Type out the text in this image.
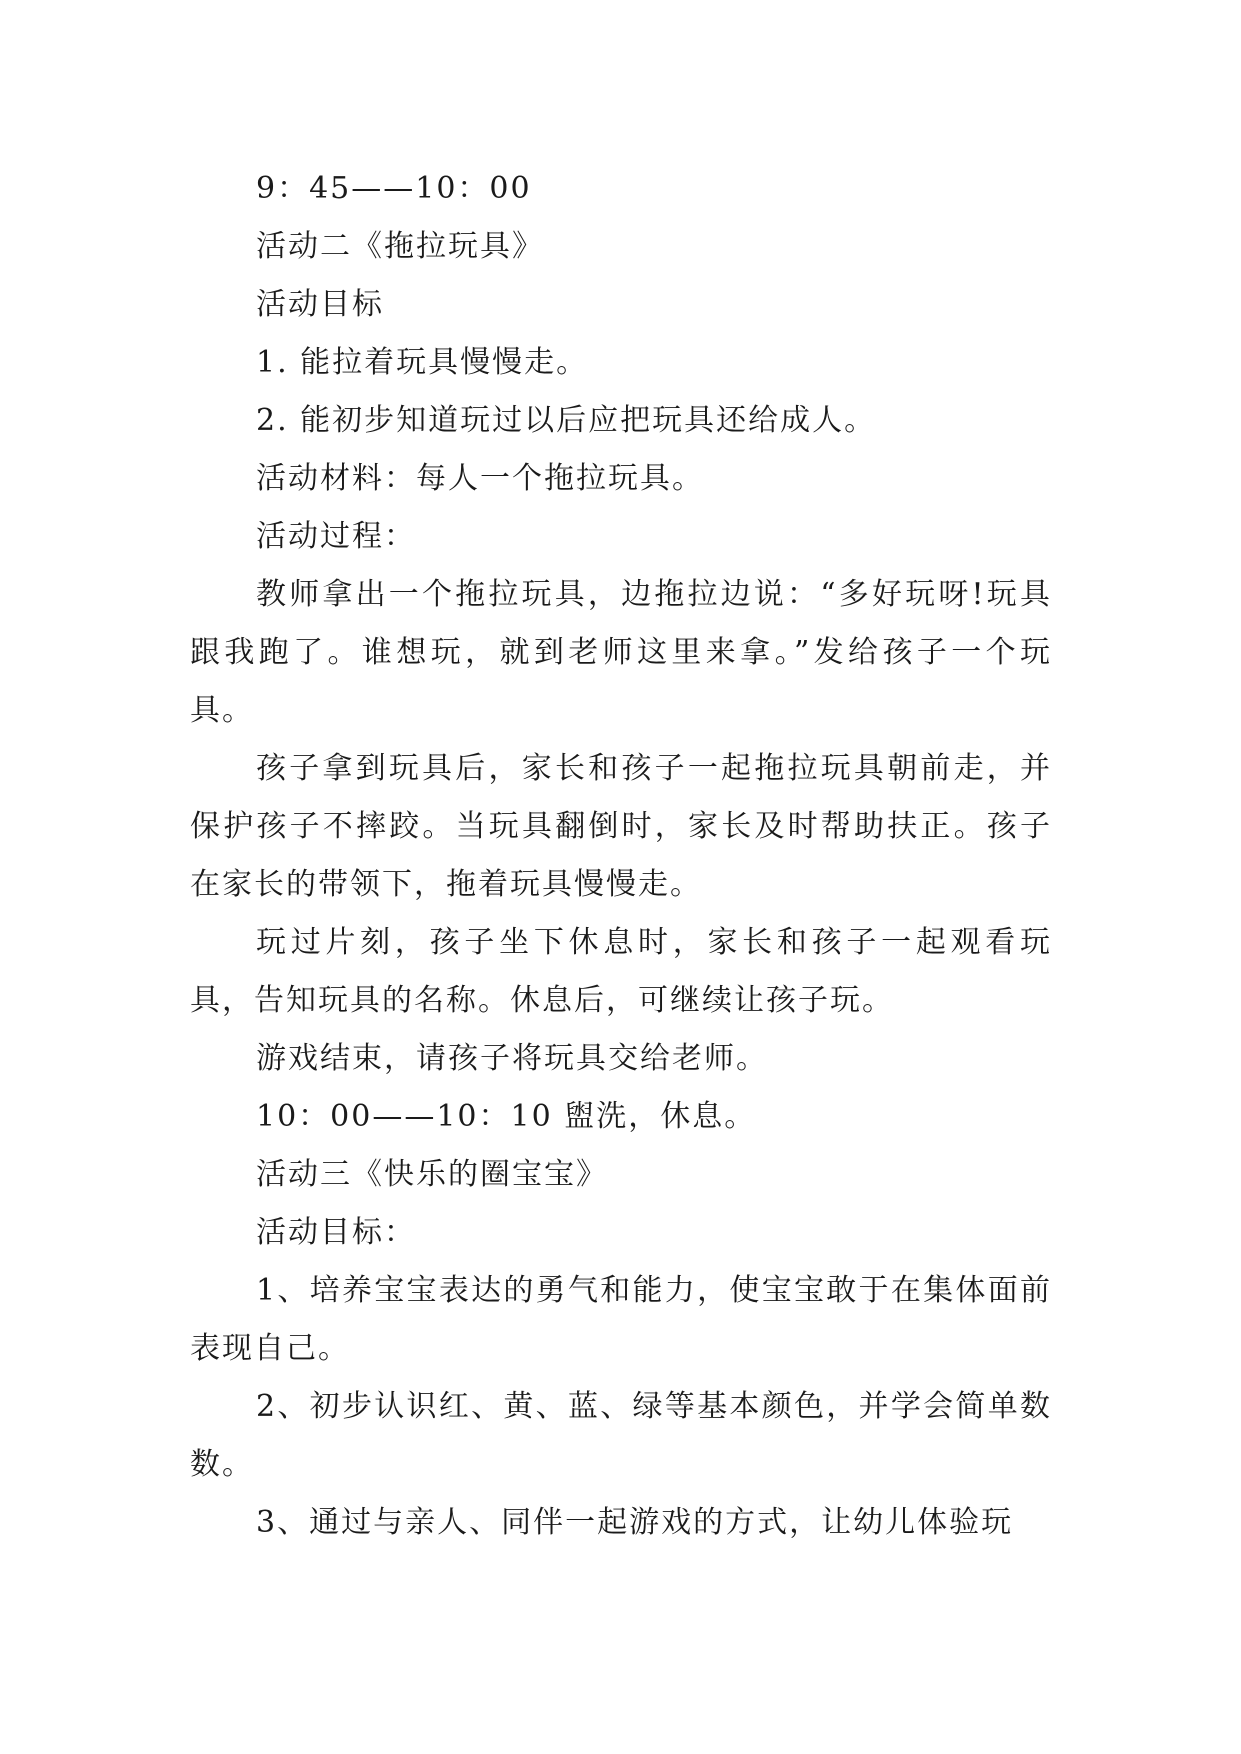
9：45——10：00

活动二《拖拉玩具》

活动目标

1. 能拉着玩具慢慢走。

2. 能初步知道玩过以后应把玩具还给成人。

活动材料：每人一个拖拉玩具。

活动过程：

教师拿出一个拖拉玩具，边拖拉边说：“多好玩呀!玩具跟我跑了。谁想玩，就到老师这里来拿。”发给孩子一个玩具。

孩子拿到玩具后，家长和孩子一起拖拉玩具朝前走，并保护孩子不摔跤。当玩具翻倒时，家长及时帮助扶正。孩子在家长的带领下，拖着玩具慢慢走。

玩过片刻，孩子坐下休息时，家长和孩子一起观看玩具，告知玩具的名称。休息后，可继续让孩子玩。

游戏结束，请孩子将玩具交给老师。

10：00——10：10 盥洗，休息。

活动三《快乐的圈宝宝》

活动目标：

1、培养宝宝表达的勇气和能力，使宝宝敢于在集体面前表现自己。

2、初步认识红、黄、蓝、绿等基本颜色，并学会简单数数。

3、通过与亲人、同伴一起游戏的方式，让幼儿体验玩
